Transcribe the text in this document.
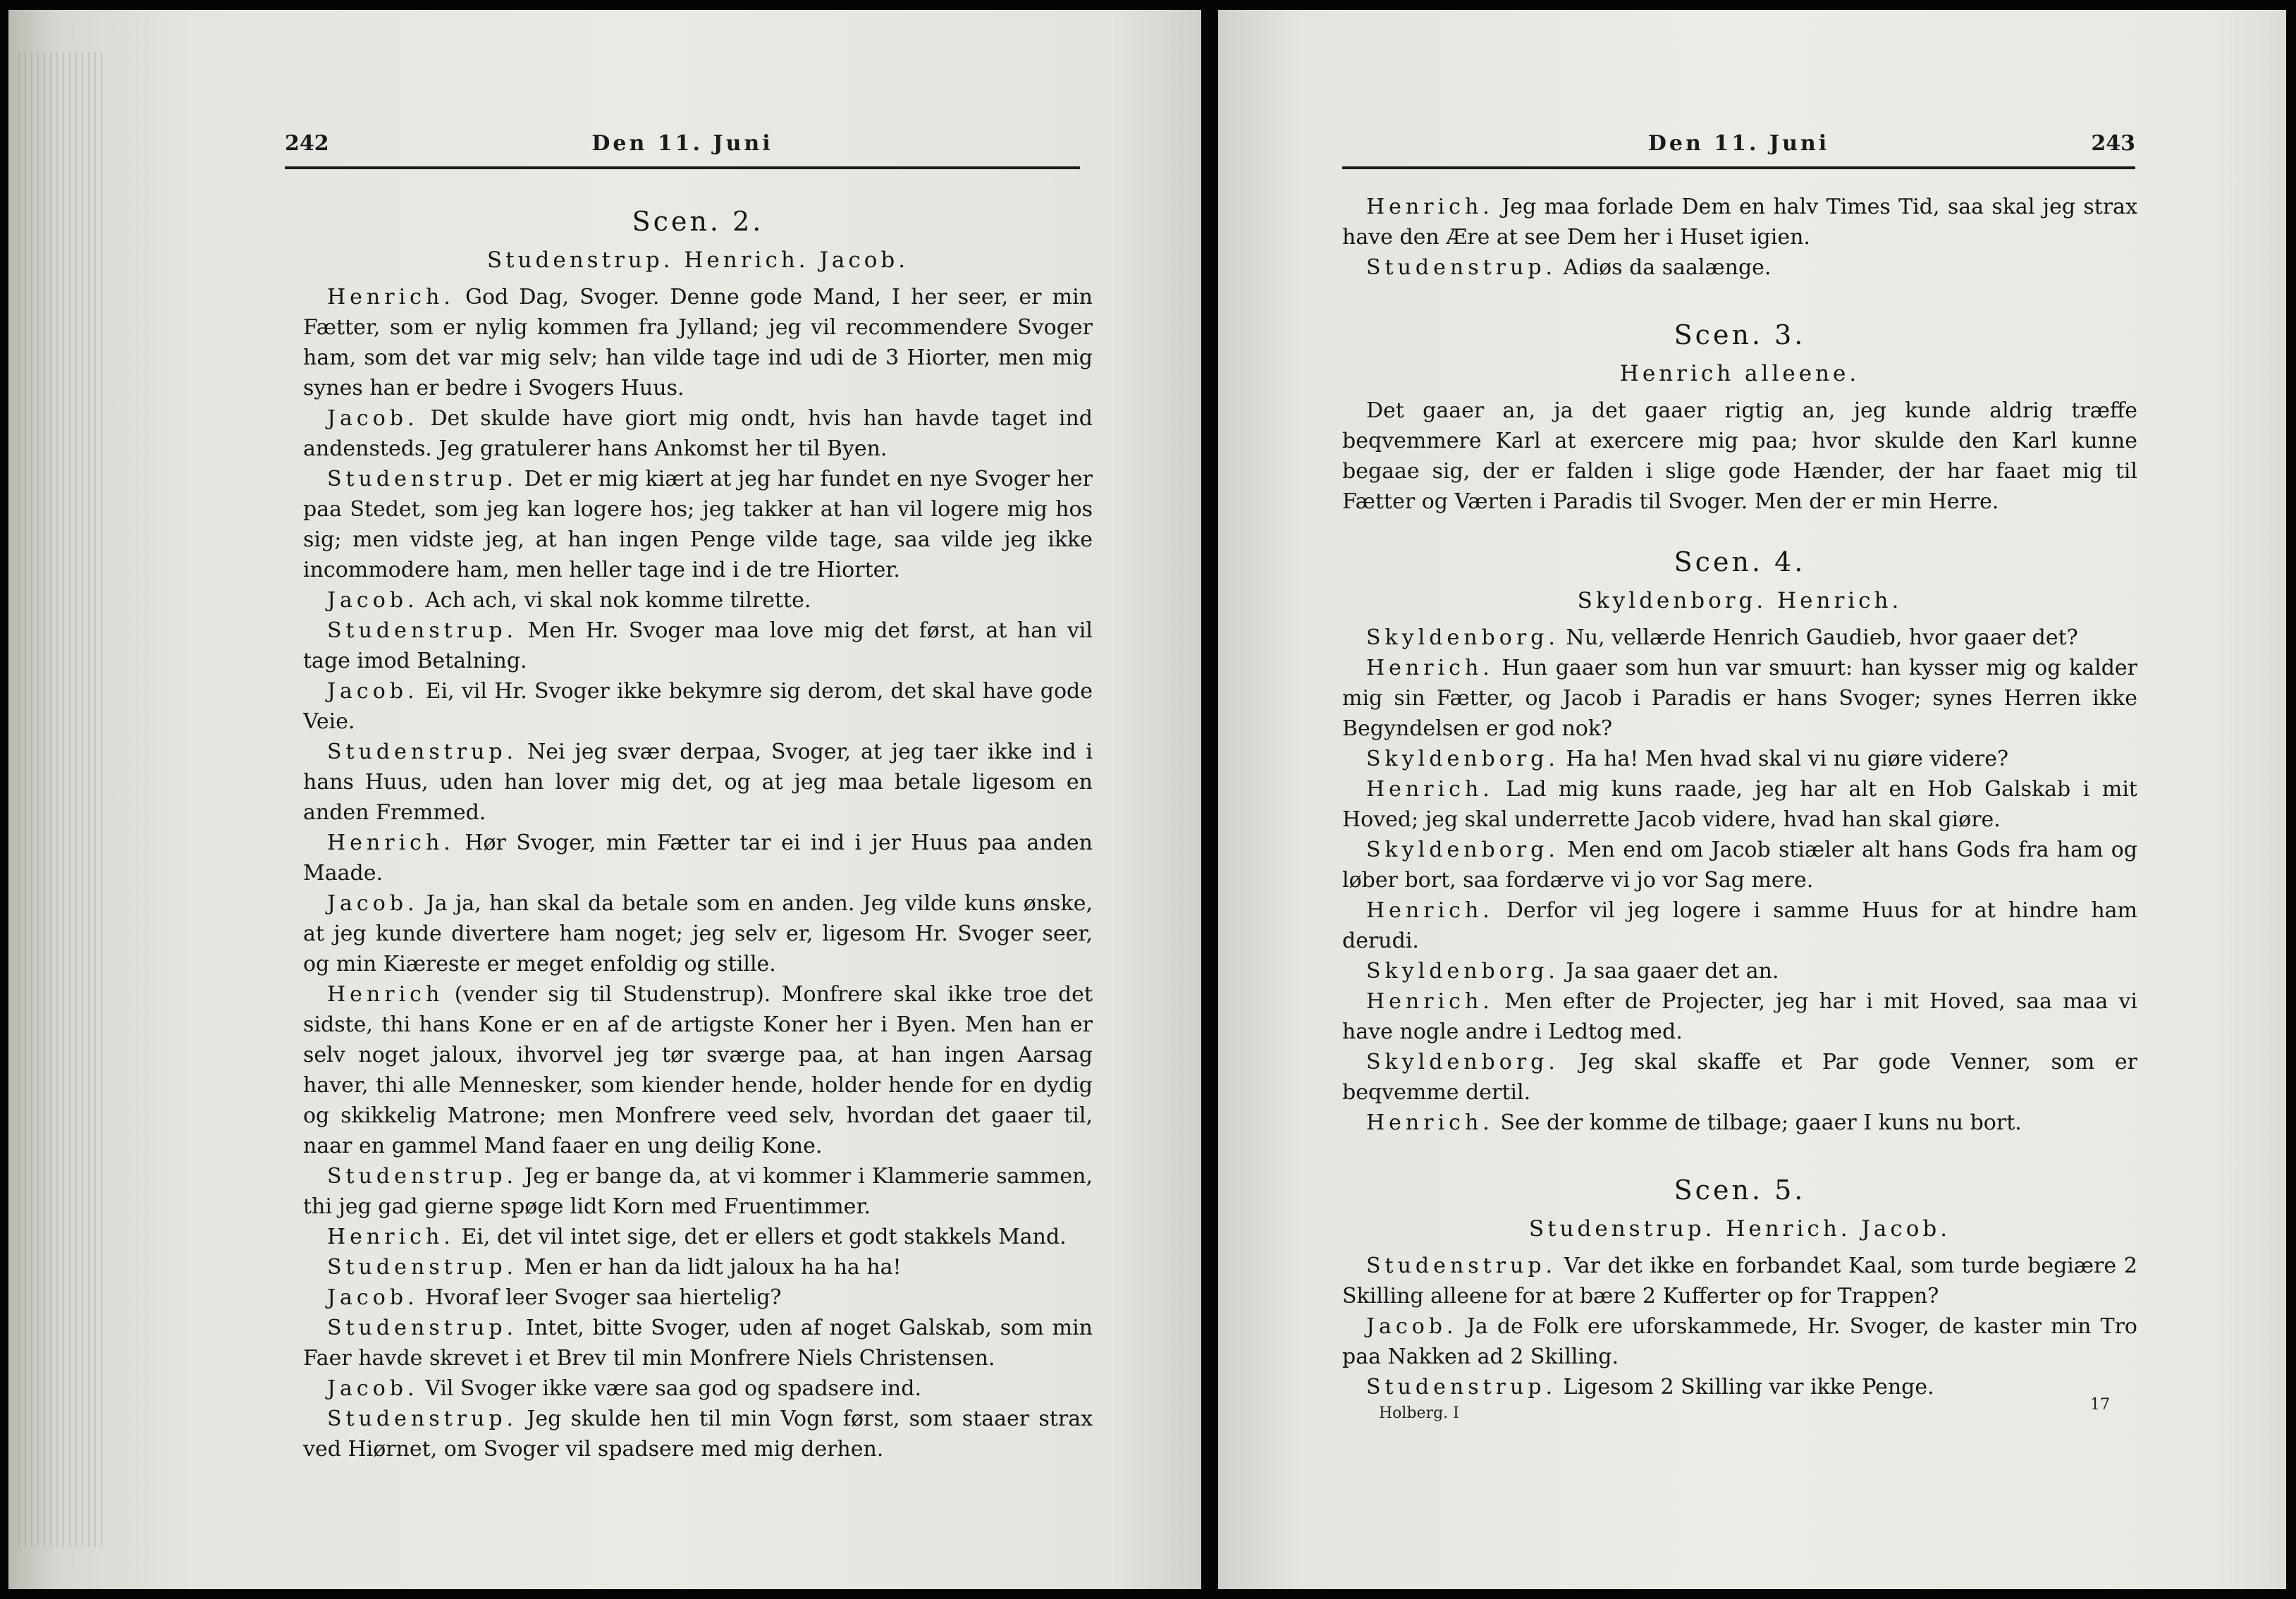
242	Den 11. Juni

Scen. 2.

Studenstrup. Henrich. Jacob.

Henrich. God Dag, Svoger. Denne gode Mand, I her seer, er min Fætter, som er nylig kommen fra Jylland; jeg vil recommendere Svoger ham, som det var mig selv; han vilde tage ind udi de 3 Hiorter, men mig synes han er bedre i Svogers Huus.

Jacob. Det skulde have giort mig ondt, hvis han havde taget ind andensteds. Jeg gratulerer hans Ankomst her til Byen.

Studenstrup. Det er mig kiært at jeg har fundet en nye Svoger her paa Stedet, som jeg kan logere hos; jeg takker at han vil logere mig hos sig; men vidste jeg, at han ingen Penge vilde tage, saa vilde jeg ikke incommodere ham, men heller tage ind i de tre Hiorter.

Jacob. Ach ach, vi skal nok komme tilrette.

Studenstrup. Men Hr. Svoger maa love mig det først, at han vil tage imod Betalning.

Jacob. Ei, vil Hr. Svoger ikke bekymre sig derom, det skal have gode Veie.

Studenstrup. Nei jeg svær derpaa, Svoger, at jeg taer ikke ind i hans Huus, uden han lover mig det, og at jeg maa betale ligesom en anden Fremmed.

Henrich. Hør Svoger, min Fætter tar ei ind i jer Huus paa anden Maade.

Jacob. Ja ja, han skal da betale som en anden. Jeg vilde kuns ønske, at jeg kunde divertere ham noget; jeg selv er, ligesom Hr. Svoger seer, og min Kiæreste er meget enfoldig og stille.

Henrich (vender sig til Studenstrup). Monfrere skal ikke troe det sidste, thi hans Kone er en af de artigste Koner her i Byen. Men han er selv noget jaloux, ihvorvel jeg tør sværge paa, at han ingen Aarsag haver, thi alle Mennesker, som kiender hende, holder hende for en dydig og skikkelig Matrone; men Monfrere veed selv, hvordan det gaaer til, naar en gammel Mand faaer en ung deilig Kone.

Studenstrup. Jeg er bange da, at vi kommer i Klammerie sammen, thi jeg gad gierne spøge lidt Korn med Fruentimmer.

Henrich. Ei, det vil intet sige, det er ellers et godt stakkels Mand.

Studenstrup. Men er han da lidt jaloux ha ha ha!

Jacob. Hvoraf leer Svoger saa hiertelig?

Studenstrup. Intet, bitte Svoger, uden af noget Galskab, som min Faer havde skrevet i et Brev til min Monfrere Niels Christensen.

Jacob. Vil Svoger ikke være saa god og spadsere ind.

Studenstrup. Jeg skulde hen til min Vogn først, som staaer strax ved Hiørnet, om Svoger vil spadsere med mig derhen.

Den 11. Juni	243

Henrich. Jeg maa forlade Dem en halv Times Tid, saa skal jeg strax have den Ære at see Dem her i Huset igien.

Studenstrup. Adiøs da saalænge.

Scen. 3.

Henrich alleene.

Det gaaer an, ja det gaaer rigtig an, jeg kunde aldrig træffe beqvemmere Karl at exercere mig paa; hvor skulde den Karl kunne begaae sig, der er falden i slige gode Hænder, der har faaet mig til Fætter og Værten i Paradis til Svoger. Men der er min Herre.

Scen. 4.

Skyldenborg. Henrich.

Skyldenborg. Nu, vellærde Henrich Gaudieb, hvor gaaer det?

Henrich. Hun gaaer som hun var smuurt: han kysser mig og kalder mig sin Fætter, og Jacob i Paradis er hans Svoger; synes Herren ikke Begyndelsen er god nok?

Skyldenborg. Ha ha! Men hvad skal vi nu giøre videre?

Henrich. Lad mig kuns raade, jeg har alt en Hob Galskab i mit Hoved; jeg skal underrette Jacob videre, hvad han skal giøre.

Skyldenborg. Men end om Jacob stiæler alt hans Gods fra ham og løber bort, saa fordærve vi jo vor Sag mere.

Henrich. Derfor vil jeg logere i samme Huus for at hindre ham derudi.

Skyldenborg. Ja saa gaaer det an.

Henrich. Men efter de Projecter, jeg har i mit Hoved, saa maa vi have nogle andre i Ledtog med.

Skyldenborg. Jeg skal skaffe et Par gode Venner, som er beqvemme dertil.

Henrich. See der komme de tilbage; gaaer I kuns nu bort.

Scen. 5.

Studenstrup. Henrich. Jacob.

Studenstrup. Var det ikke en forbandet Kaal, som turde begiære 2 Skilling alleene for at bære 2 Kufferter op for Trappen?

Jacob. Ja de Folk ere uforskammede, Hr. Svoger, de kaster min Tro paa Nakken ad 2 Skilling.

Studenstrup. Ligesom 2 Skilling var ikke Penge.

Holberg. I	17
